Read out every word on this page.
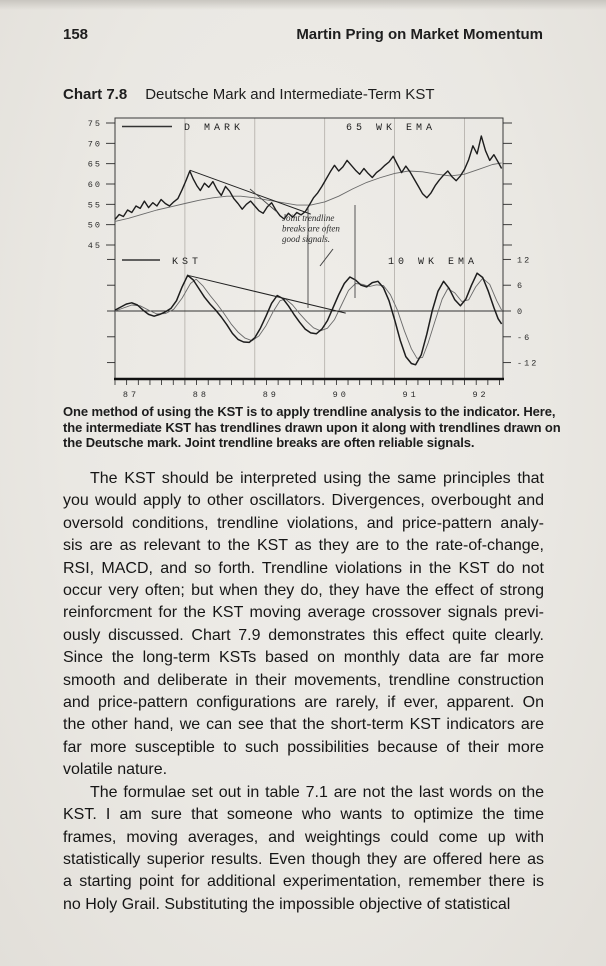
158	Martin Pring on Market Momentum
Chart 7.8 Deutsche Mark and Intermediate-Term KST
75
70
65
60
55
50
45
12
6
0
-6
-12
87	88	89	90	91	92
D MARK	65 WK EMA
KST	10 WK EMA
Joint trendline
breaks are often
good signals.
One method of using the KST is to apply trendline analysis to the indicator. Here,
the intermediate KST has trendlines drawn upon it along with trendlines drawn on
the Deutsche mark. Joint trendline breaks are often reliable signals.
The KST should be interpreted using the same principles that
you would apply to other oscillators. Divergences, overbought and
oversold conditions, trendline violations, and price-pattern analy-
sis are as relevant to the KST as they are to the rate-of-change,
RSI, MACD, and so forth. Trendline violations in the KST do not
occur very often; but when they do, they have the effect of strong
reinforcment for the KST moving average crossover signals previ-
ously discussed. Chart 7.9 demonstrates this effect quite clearly.
Since the long-term KSTs based on monthly data are far more
smooth and deliberate in their movements, trendline construction
and price-pattern configurations are rarely, if ever, apparent. On
the other hand, we can see that the short-term KST indicators are
far more susceptible to such possibilities because of their more
volatile nature.
The formulae set out in table 7.1 are not the last words on the
KST. I am sure that someone who wants to optimize the time
frames, moving averages, and weightings could come up with
statistically superior results. Even though they are offered here as
a starting point for additional experimentation, remember there is
no Holy Grail. Substituting the impossible objective of statistical
